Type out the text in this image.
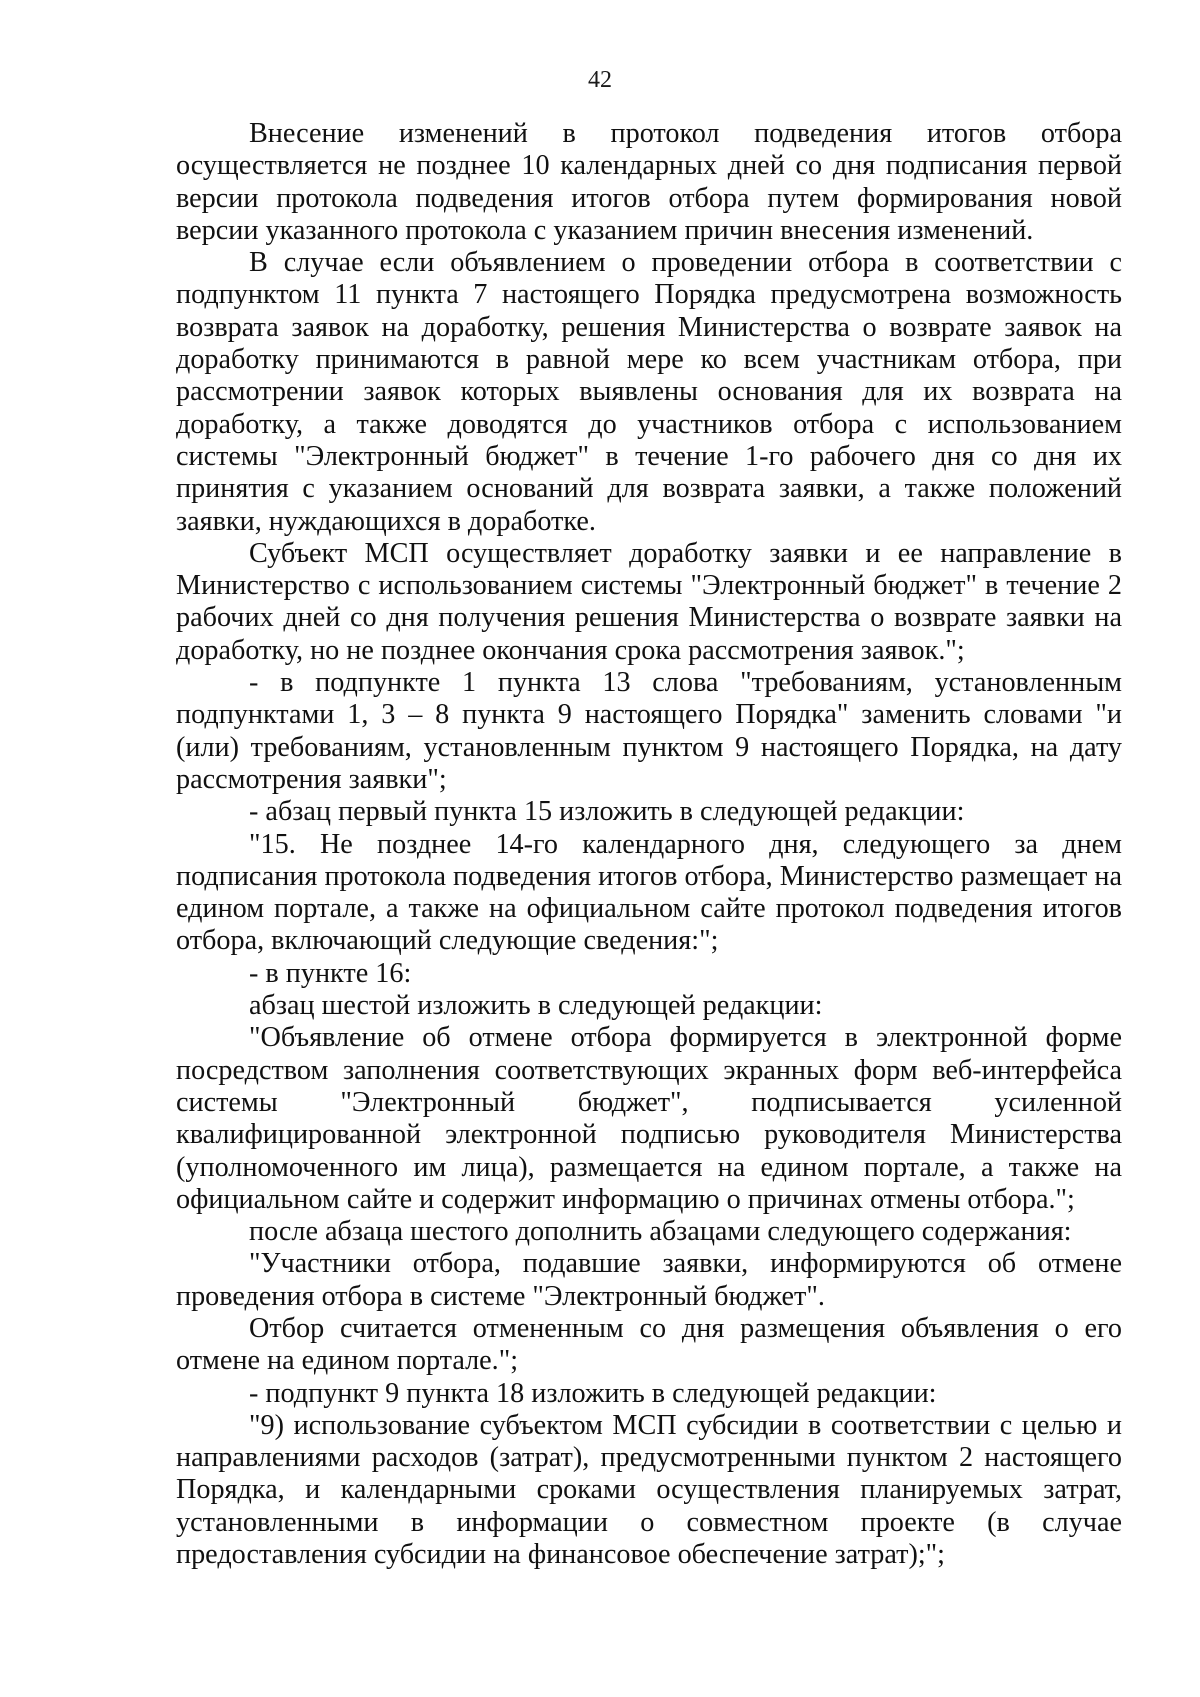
42

Внесение изменений в протокол подведения итогов отбора осуществляется не позднее 10 календарных дней со дня подписания первой версии протокола подведения итогов отбора путем формирования новой версии указанного протокола с указанием причин внесения изменений.

В случае если объявлением о проведении отбора в соответствии с подпунктом 11 пункта 7 настоящего Порядка предусмотрена возможность возврата заявок на доработку, решения Министерства о возврате заявок на доработку принимаются в равной мере ко всем участникам отбора, при рассмотрении заявок которых выявлены основания для их возврата на доработку, а также доводятся до участников отбора с использованием системы "Электронный бюджет" в течение 1-го рабочего дня со дня их принятия с указанием оснований для возврата заявки, а также положений заявки, нуждающихся в доработке.

Субъект МСП осуществляет доработку заявки и ее направление в Министерство с использованием системы "Электронный бюджет" в течение 2 рабочих дней со дня получения решения Министерства о возврате заявки на доработку, но не позднее окончания срока рассмотрения заявок.";

- в подпункте 1 пункта 13 слова "требованиям, установленным подпунктами 1, 3 – 8 пункта 9 настоящего Порядка" заменить словами "и (или) требованиям, установленным пунктом 9 настоящего Порядка, на дату рассмотрения заявки";

- абзац первый пункта 15 изложить в следующей редакции:

"15. Не позднее 14-го календарного дня, следующего за днем подписания протокола подведения итогов отбора, Министерство размещает на едином портале, а также на официальном сайте протокол подведения итогов отбора, включающий следующие сведения:";

- в пункте 16:

абзац шестой изложить в следующей редакции:

"Объявление об отмене отбора формируется в электронной форме посредством заполнения соответствующих экранных форм веб-интерфейса системы "Электронный бюджет", подписывается усиленной квалифицированной электронной подписью руководителя Министерства (уполномоченного им лица), размещается на едином портале, а также на официальном сайте и содержит информацию о причинах отмены отбора.";

после абзаца шестого дополнить абзацами следующего содержания:

"Участники отбора, подавшие заявки, информируются об отмене проведения отбора в системе "Электронный бюджет".

Отбор считается отмененным со дня размещения объявления о его отмене на едином портале.";

- подпункт 9 пункта 18 изложить в следующей редакции:

"9) использование субъектом МСП субсидии в соответствии с целью и направлениями расходов (затрат), предусмотренными пунктом 2 настоящего Порядка, и календарными сроками осуществления планируемых затрат, установленными в информации о совместном проекте (в случае предоставления субсидии на финансовое обеспечение затрат);";
